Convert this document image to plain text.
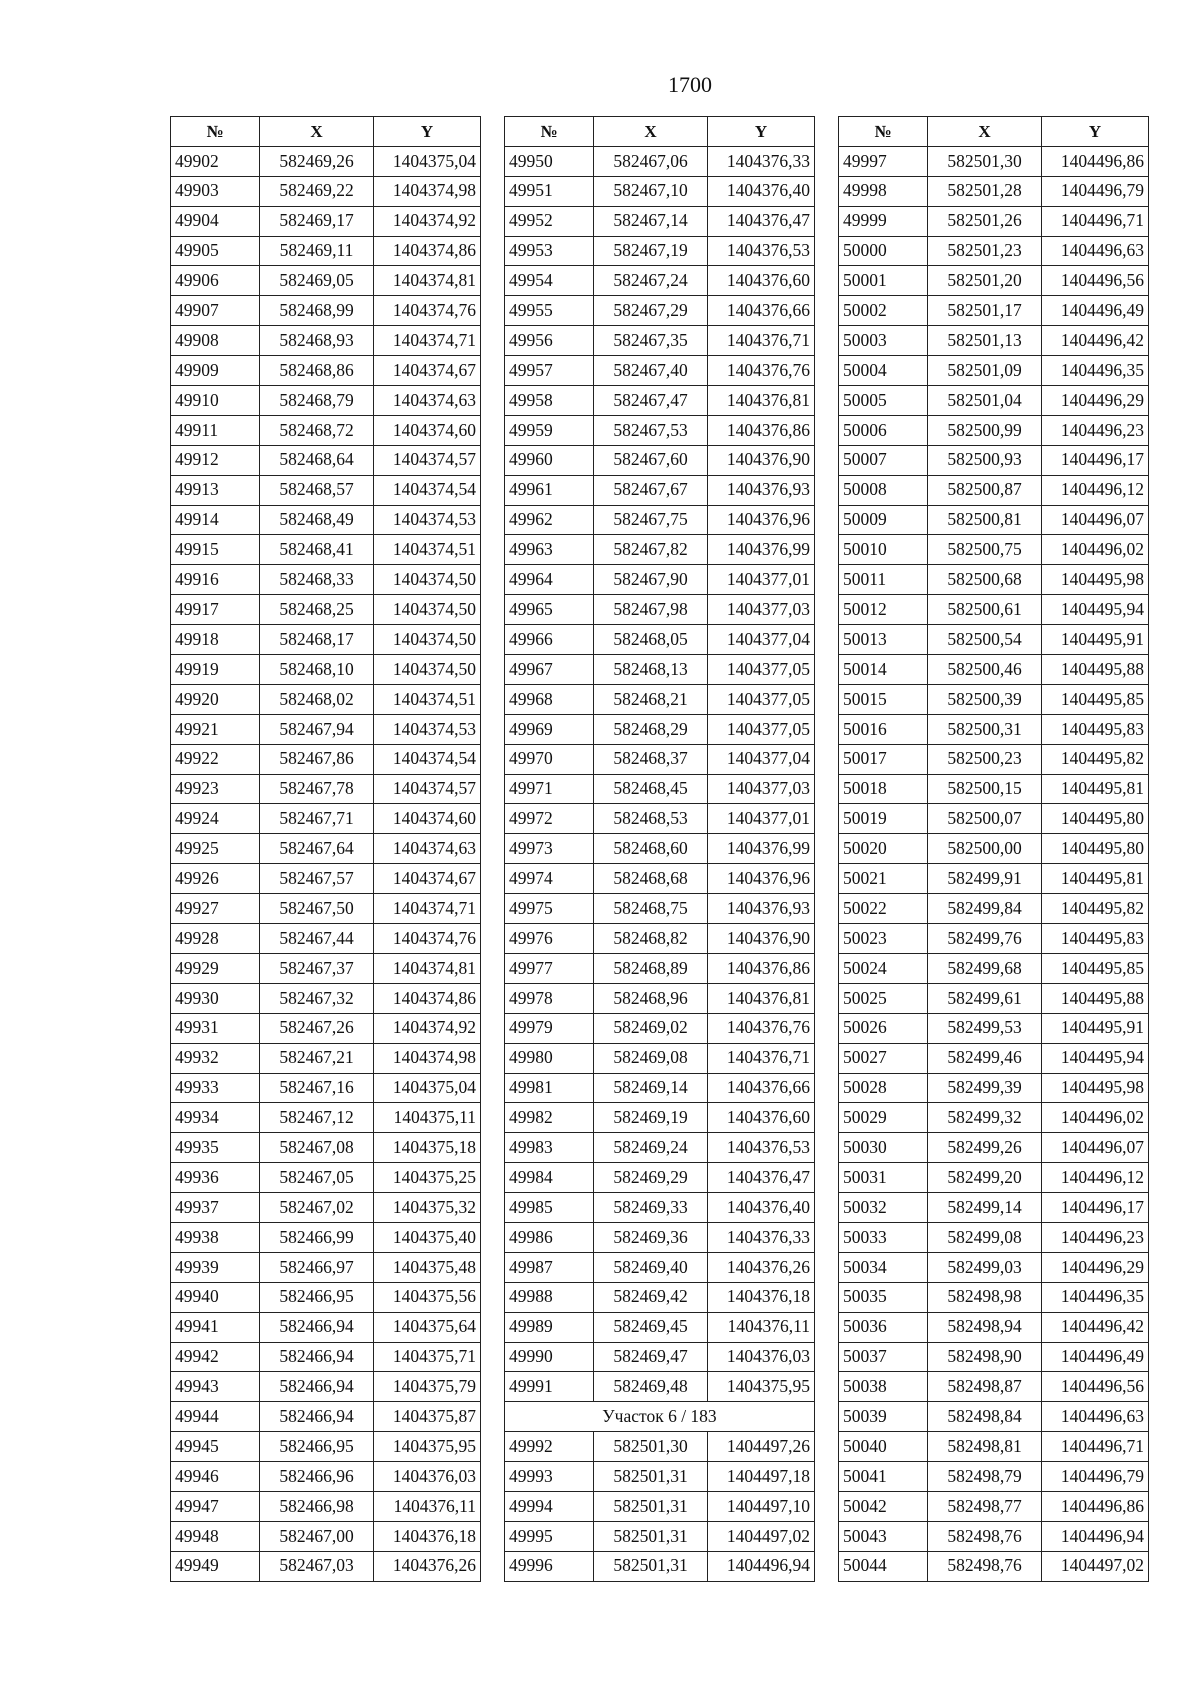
1700
№	X	Y
49902	582469,26	1404375,04
49903	582469,22	1404374,98
49904	582469,17	1404374,92
49905	582469,11	1404374,86
49906	582469,05	1404374,81
49907	582468,99	1404374,76
49908	582468,93	1404374,71
49909	582468,86	1404374,67
49910	582468,79	1404374,63
49911	582468,72	1404374,60
49912	582468,64	1404374,57
49913	582468,57	1404374,54
49914	582468,49	1404374,53
49915	582468,41	1404374,51
49916	582468,33	1404374,50
49917	582468,25	1404374,50
49918	582468,17	1404374,50
49919	582468,10	1404374,50
49920	582468,02	1404374,51
49921	582467,94	1404374,53
49922	582467,86	1404374,54
49923	582467,78	1404374,57
49924	582467,71	1404374,60
49925	582467,64	1404374,63
49926	582467,57	1404374,67
49927	582467,50	1404374,71
49928	582467,44	1404374,76
49929	582467,37	1404374,81
49930	582467,32	1404374,86
49931	582467,26	1404374,92
49932	582467,21	1404374,98
49933	582467,16	1404375,04
49934	582467,12	1404375,11
49935	582467,08	1404375,18
49936	582467,05	1404375,25
49937	582467,02	1404375,32
49938	582466,99	1404375,40
49939	582466,97	1404375,48
49940	582466,95	1404375,56
49941	582466,94	1404375,64
49942	582466,94	1404375,71
49943	582466,94	1404375,79
49944	582466,94	1404375,87
49945	582466,95	1404375,95
49946	582466,96	1404376,03
49947	582466,98	1404376,11
49948	582467,00	1404376,18
49949	582467,03	1404376,26
№	X	Y
49950	582467,06	1404376,33
49951	582467,10	1404376,40
49952	582467,14	1404376,47
49953	582467,19	1404376,53
49954	582467,24	1404376,60
49955	582467,29	1404376,66
49956	582467,35	1404376,71
49957	582467,40	1404376,76
49958	582467,47	1404376,81
49959	582467,53	1404376,86
49960	582467,60	1404376,90
49961	582467,67	1404376,93
49962	582467,75	1404376,96
49963	582467,82	1404376,99
49964	582467,90	1404377,01
49965	582467,98	1404377,03
49966	582468,05	1404377,04
49967	582468,13	1404377,05
49968	582468,21	1404377,05
49969	582468,29	1404377,05
49970	582468,37	1404377,04
49971	582468,45	1404377,03
49972	582468,53	1404377,01
49973	582468,60	1404376,99
49974	582468,68	1404376,96
49975	582468,75	1404376,93
49976	582468,82	1404376,90
49977	582468,89	1404376,86
49978	582468,96	1404376,81
49979	582469,02	1404376,76
49980	582469,08	1404376,71
49981	582469,14	1404376,66
49982	582469,19	1404376,60
49983	582469,24	1404376,53
49984	582469,29	1404376,47
49985	582469,33	1404376,40
49986	582469,36	1404376,33
49987	582469,40	1404376,26
49988	582469,42	1404376,18
49989	582469,45	1404376,11
49990	582469,47	1404376,03
49991	582469,48	1404375,95
Участок 6 / 183		
49992	582501,30	1404497,26
49993	582501,31	1404497,18
49994	582501,31	1404497,10
49995	582501,31	1404497,02
49996	582501,31	1404496,94
№	X	Y
49997	582501,30	1404496,86
49998	582501,28	1404496,79
49999	582501,26	1404496,71
50000	582501,23	1404496,63
50001	582501,20	1404496,56
50002	582501,17	1404496,49
50003	582501,13	1404496,42
50004	582501,09	1404496,35
50005	582501,04	1404496,29
50006	582500,99	1404496,23
50007	582500,93	1404496,17
50008	582500,87	1404496,12
50009	582500,81	1404496,07
50010	582500,75	1404496,02
50011	582500,68	1404495,98
50012	582500,61	1404495,94
50013	582500,54	1404495,91
50014	582500,46	1404495,88
50015	582500,39	1404495,85
50016	582500,31	1404495,83
50017	582500,23	1404495,82
50018	582500,15	1404495,81
50019	582500,07	1404495,80
50020	582500,00	1404495,80
50021	582499,91	1404495,81
50022	582499,84	1404495,82
50023	582499,76	1404495,83
50024	582499,68	1404495,85
50025	582499,61	1404495,88
50026	582499,53	1404495,91
50027	582499,46	1404495,94
50028	582499,39	1404495,98
50029	582499,32	1404496,02
50030	582499,26	1404496,07
50031	582499,20	1404496,12
50032	582499,14	1404496,17
50033	582499,08	1404496,23
50034	582499,03	1404496,29
50035	582498,98	1404496,35
50036	582498,94	1404496,42
50037	582498,90	1404496,49
50038	582498,87	1404496,56
50039	582498,84	1404496,63
50040	582498,81	1404496,71
50041	582498,79	1404496,79
50042	582498,77	1404496,86
50043	582498,76	1404496,94
50044	582498,76	1404497,02
